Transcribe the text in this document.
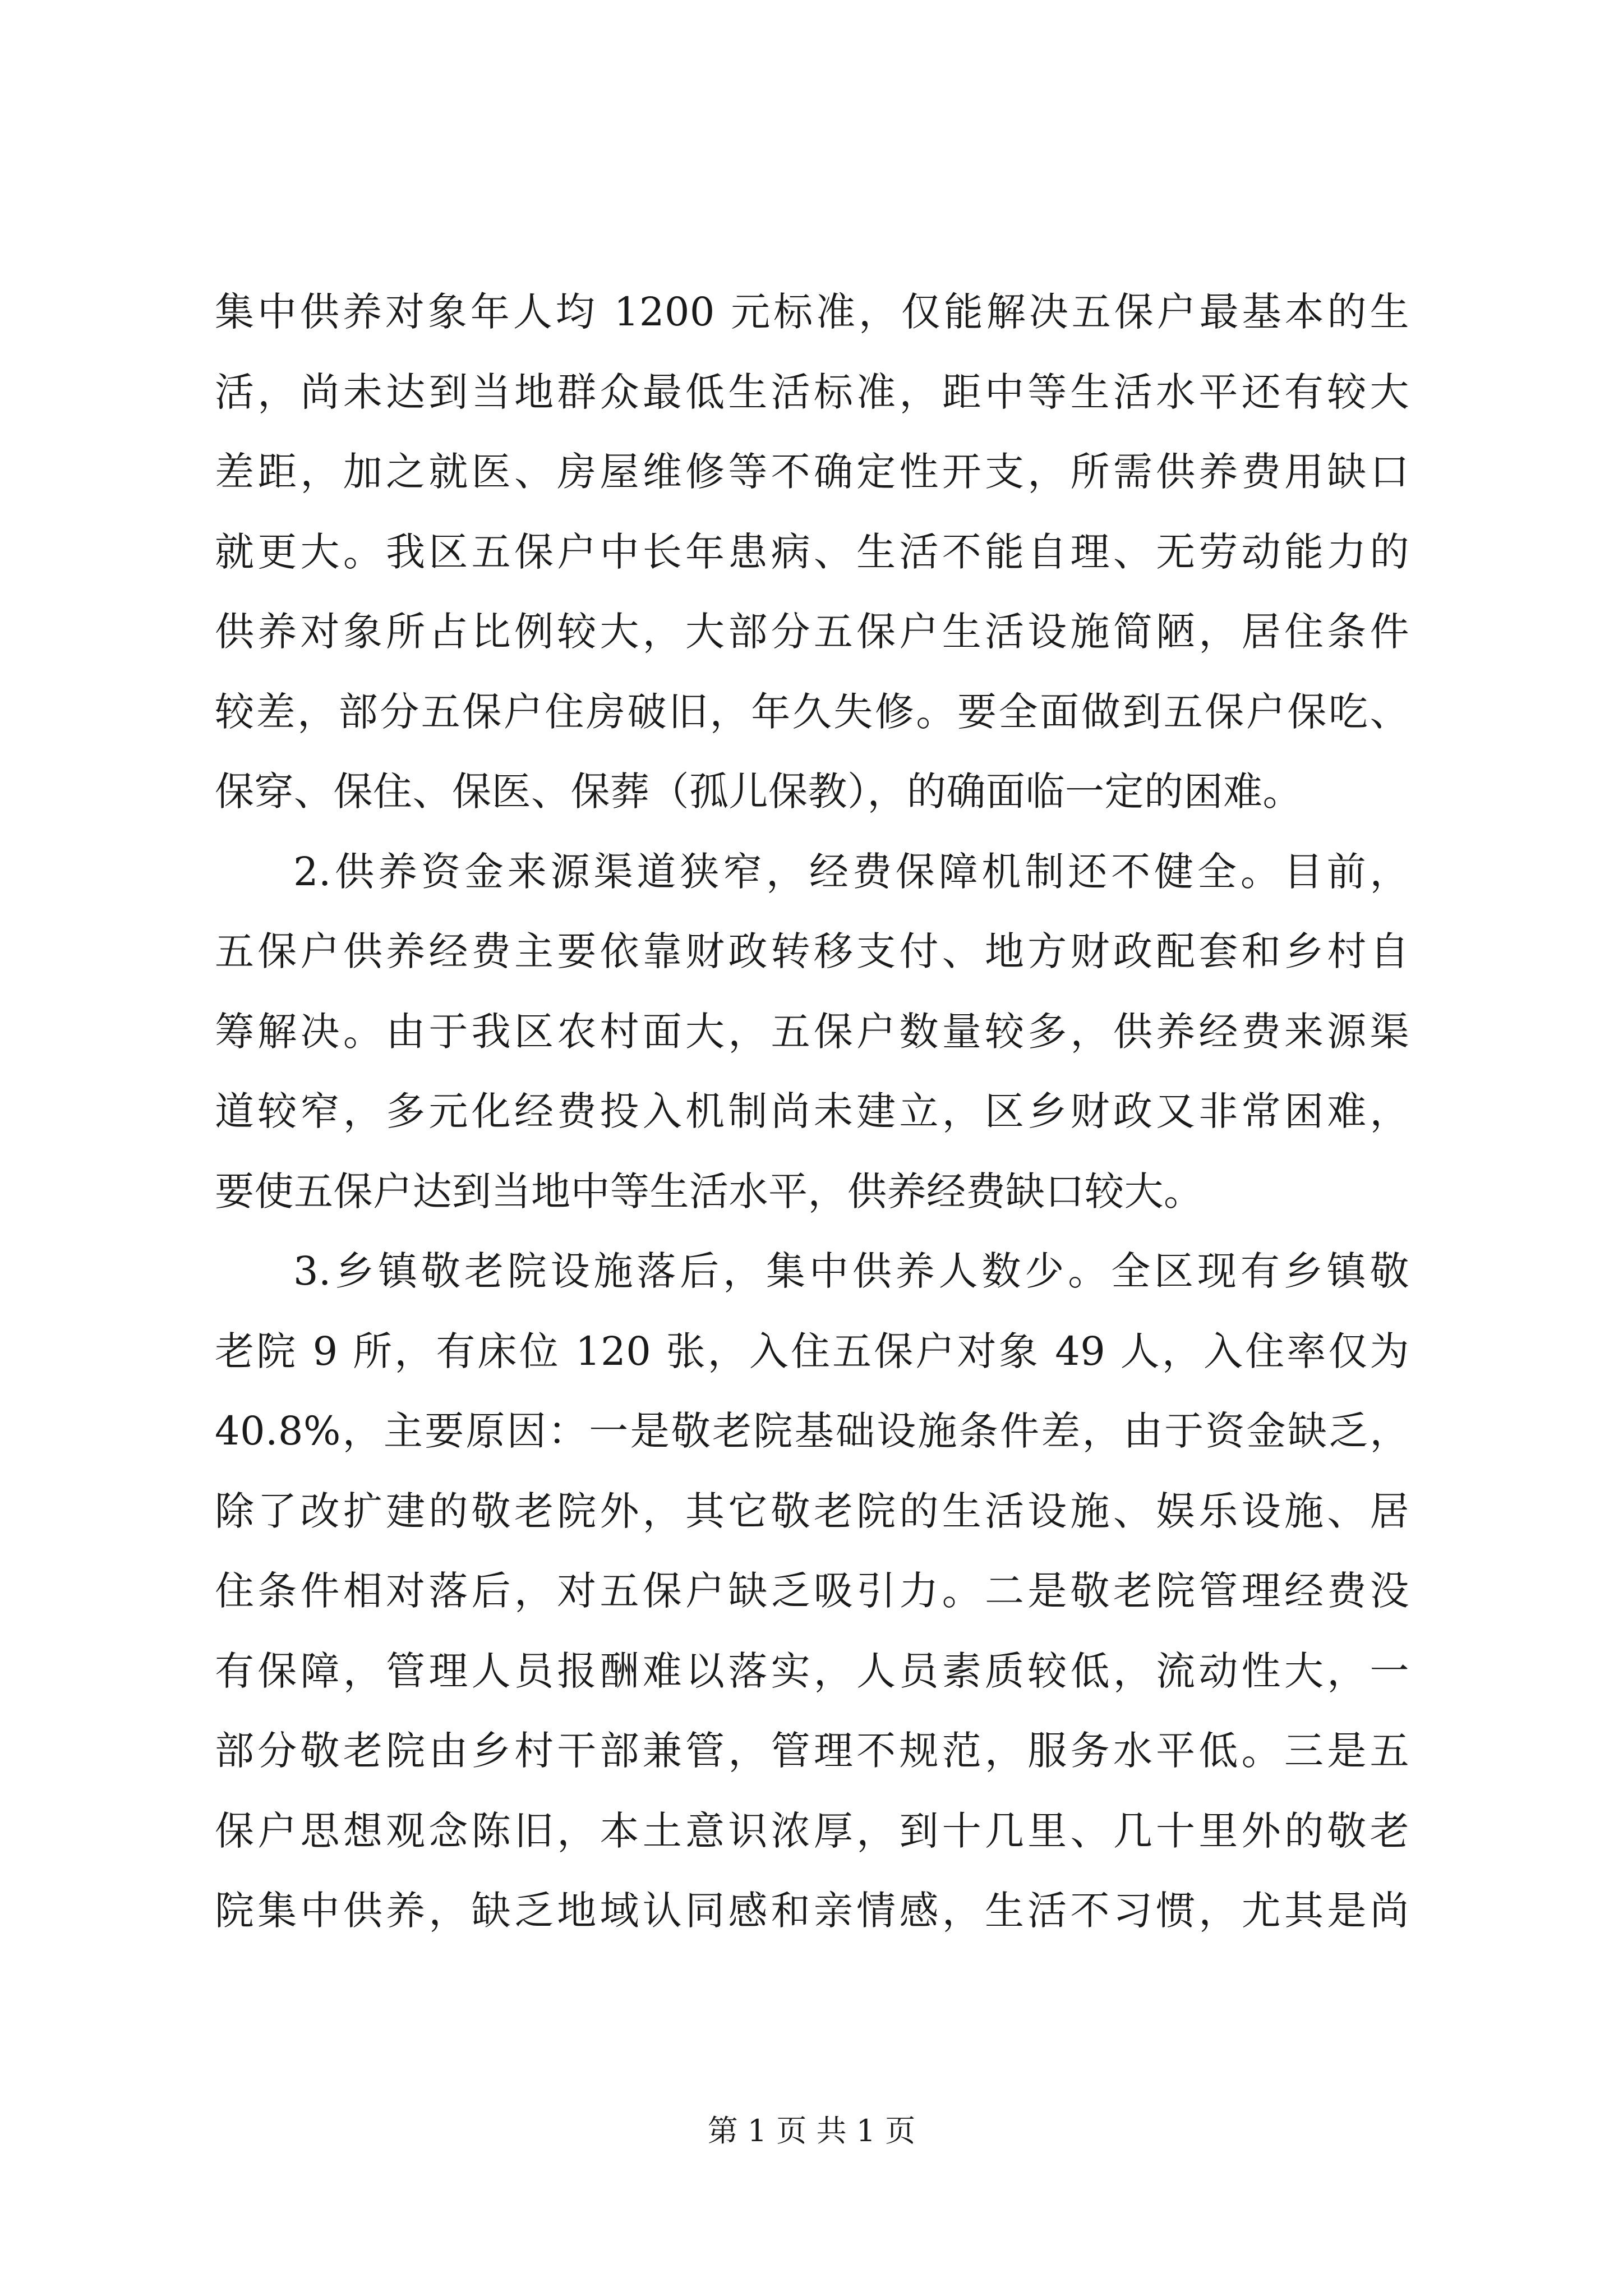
集中供养对象年人均 1200 元标准，仅能解决五保户最基本的生
活，尚未达到当地群众最低生活标准，距中等生活水平还有较大
差距，加之就医、房屋维修等不确定性开支，所需供养费用缺口
就更大。我区五保户中长年患病、生活不能自理、无劳动能力的
供养对象所占比例较大，大部分五保户生活设施简陋，居住条件
较差，部分五保户住房破旧，年久失修。要全面做到五保户保吃、
保穿、保住、保医、保葬（孤儿保教），的确面临一定的困难。
2.供养资金来源渠道狭窄，经费保障机制还不健全。目前，
五保户供养经费主要依靠财政转移支付、地方财政配套和乡村自
筹解决。由于我区农村面大，五保户数量较多，供养经费来源渠
道较窄，多元化经费投入机制尚未建立，区乡财政又非常困难，
要使五保户达到当地中等生活水平，供养经费缺口较大。
3.乡镇敬老院设施落后，集中供养人数少。全区现有乡镇敬
老院 9 所，有床位 120 张，入住五保户对象 49 人，入住率仅为
40.8%，主要原因：一是敬老院基础设施条件差，由于资金缺乏，
除了改扩建的敬老院外，其它敬老院的生活设施、娱乐设施、居
住条件相对落后，对五保户缺乏吸引力。二是敬老院管理经费没
有保障，管理人员报酬难以落实，人员素质较低，流动性大，一
部分敬老院由乡村干部兼管，管理不规范，服务水平低。三是五
保户思想观念陈旧，本土意识浓厚，到十几里、几十里外的敬老
院集中供养，缺乏地域认同感和亲情感，生活不习惯，尤其是尚
第 1 页 共 1 页
